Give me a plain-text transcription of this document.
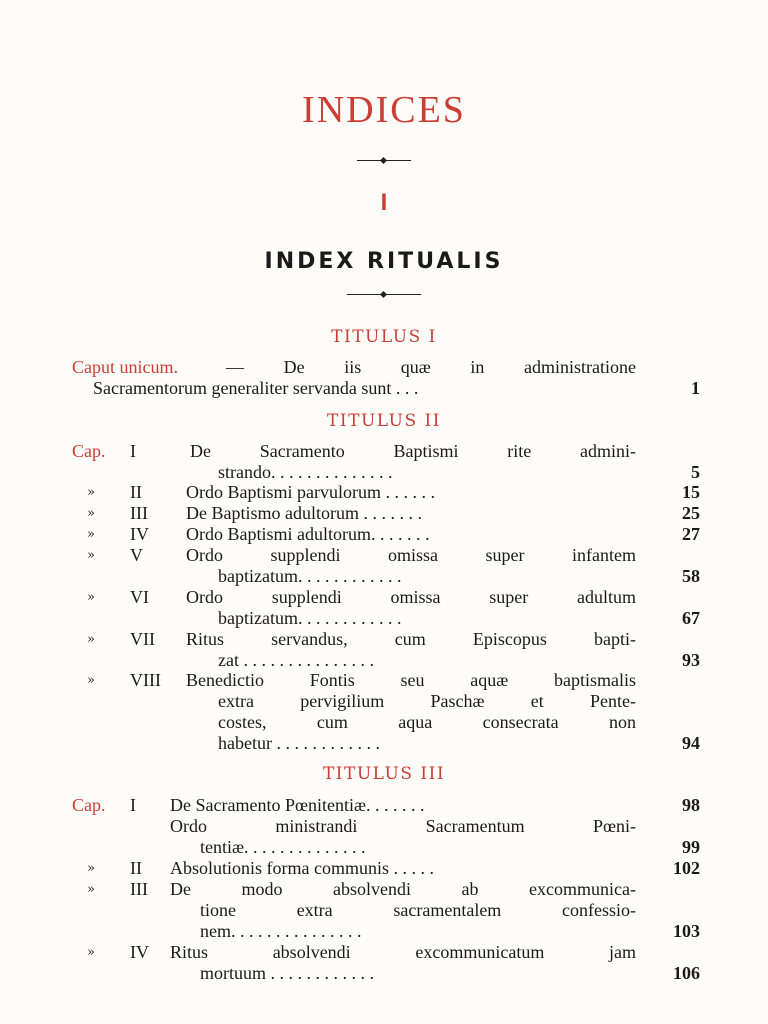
INDICES
I
INDEX RITUALIS
TITULUS I
Caput unicum.	— De iis quæ in administratione
Sacramentorum generaliter servanda sunt . . .	1
TITULUS II
Cap. I	De Sacramento Baptismi rite admini-
strando. . . . . . . . . . . . . .	5
» II Ordo Baptismi parvulorum . . . . . .	15
» III De Baptismo adultorum . . . . . . .	25
» IV Ordo Baptismi adultorum. . . . . . .	27
» V Ordo supplendi omissa super infantem
baptizatum. . . . . . . . . . . .	58
» VI Ordo supplendi omissa super adultum
baptizatum. . . . . . . . . . . .	67
» VII Ritus servandus, cum Episcopus bapti-
zat . . . . . . . . . . . . . . .	93
» VIII Benedictio Fontis seu aquæ baptismalis
extra pervigilium Paschæ et Pente-
costes, cum aqua consecrata non
habetur . . . . . . . . . . . .	94
TITULUS III
Cap. I De Sacramento Pœnitentiæ. . . . . . .	98
Ordo ministrandi Sacramentum Pœni-
tentiæ. . . . . . . . . . . . . .	99
» II Absolutionis forma communis . . . . .	102
» III De modo absolvendi ab excommunica-
tione extra sacramentalem confessio-
nem. . . . . . . . . . . . . . .	103
» IV Ritus absolvendi excommunicatum jam
mortuum . . . . . . . . . . . .	106
